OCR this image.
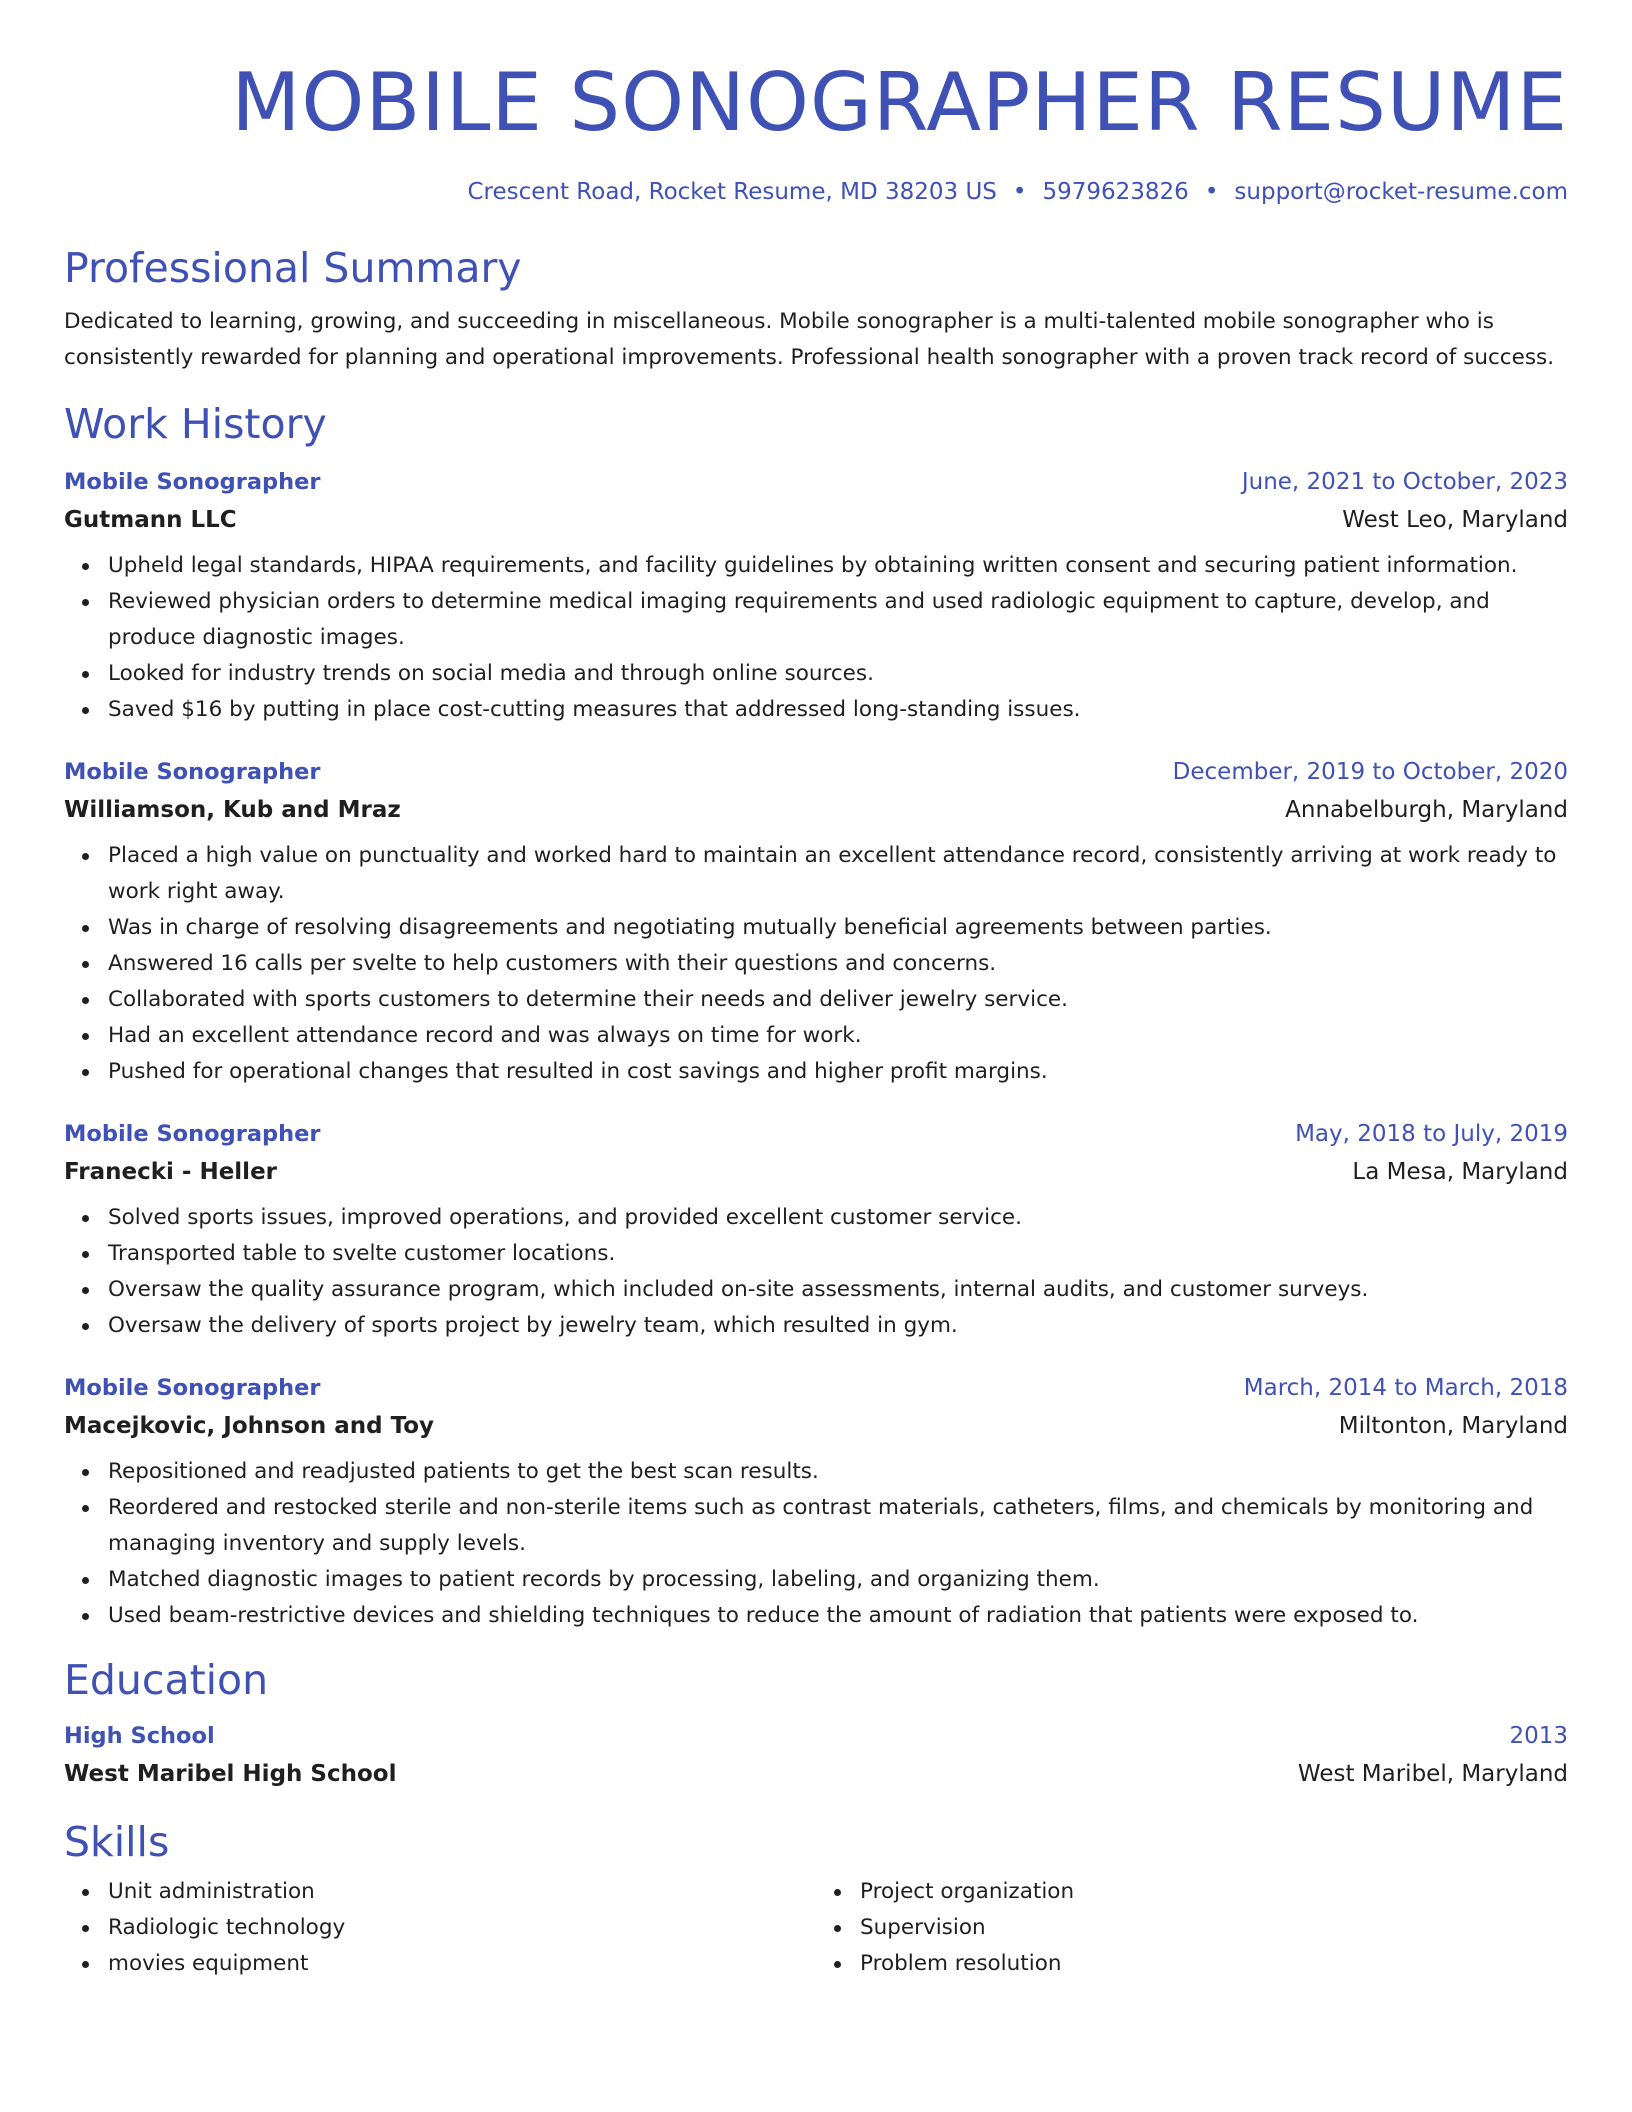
MOBILE SONOGRAPHER RESUME
Crescent Road, Rocket Resume, MD 38203 US • 5979623826 • support@rocket-resume.com
Professional Summary

Dedicated to learning, growing, and succeeding in miscellaneous. Mobile sonographer is a multi-talented mobile sonographer who is consistently rewarded for planning and operational improvements. Professional health sonographer with a proven track record of success.

Work History
Mobile Sonographer	June, 2021 to October, 2023
Gutmann LLC	West Leo, Maryland
Upheld legal standards, HIPAA requirements, and facility guidelines by obtaining written consent and securing patient information.
Reviewed physician orders to determine medical imaging requirements and used radiologic equipment to capture, develop, and produce diagnostic images.
Looked for industry trends on social media and through online sources.
Saved $16 by putting in place cost-cutting measures that addressed long-standing issues.
Mobile Sonographer	December, 2019 to October, 2020
Williamson, Kub and Mraz	Annabelburgh, Maryland
Placed a high value on punctuality and worked hard to maintain an excellent attendance record, consistently arriving at work ready to work right away.
Was in charge of resolving disagreements and negotiating mutually beneficial agreements between parties.
Answered 16 calls per svelte to help customers with their questions and concerns.
Collaborated with sports customers to determine their needs and deliver jewelry service.
Had an excellent attendance record and was always on time for work.
Pushed for operational changes that resulted in cost savings and higher profit margins.
Mobile Sonographer	May, 2018 to July, 2019
Franecki - Heller	La Mesa, Maryland
Solved sports issues, improved operations, and provided excellent customer service.
Transported table to svelte customer locations.
Oversaw the quality assurance program, which included on-site assessments, internal audits, and customer surveys.
Oversaw the delivery of sports project by jewelry team, which resulted in gym.
Mobile Sonographer	March, 2014 to March, 2018
Macejkovic, Johnson and Toy	Miltonton, Maryland
Repositioned and readjusted patients to get the best scan results.
Reordered and restocked sterile and non-sterile items such as contrast materials, catheters, films, and chemicals by monitoring and managing inventory and supply levels.
Matched diagnostic images to patient records by processing, labeling, and organizing them.
Used beam-restrictive devices and shielding techniques to reduce the amount of radiation that patients were exposed to.
Education
High School	2013
West Maribel High School	West Maribel, Maryland
Skills
Unit administration
Radiologic technology
movies equipment
Project organization
Supervision
Problem resolution
